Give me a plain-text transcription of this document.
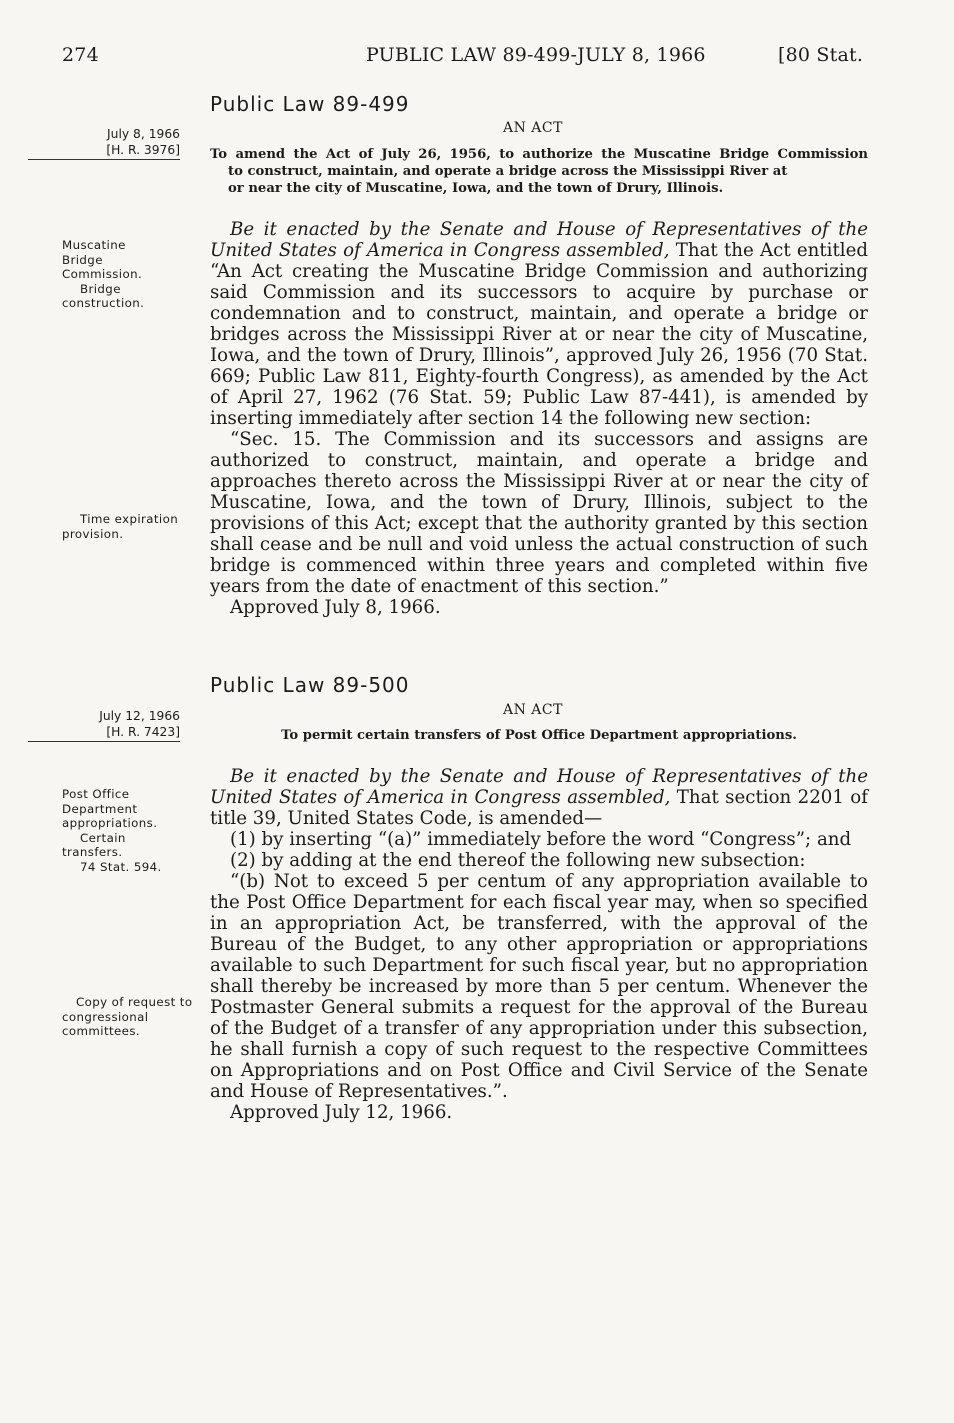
274	PUBLIC LAW 89-499-JULY 8, 1966	[80 Stat.
Public Law 89-499
July 8, 1966
[H. R. 3976]
AN ACT
To amend the Act of July 26, 1956, to authorize the Muscatine Bridge Commission
to construct, maintain, and operate a bridge across the Mississippi River at
or near the city of Muscatine, Iowa, and the town of Drury, Illinois.

Muscatine Bridge Commission.

Bridge construction.

Be it enacted by the Senate and House of Representatives of the United States of America in Congress assembled, That the Act entitled “An Act creating the Muscatine Bridge Commission and authorizing said Commission and its successors to acquire by purchase or condemnation and to construct, maintain, and operate a bridge or bridges across the Mississippi River at or near the city of Muscatine, Iowa, and the town of Drury, Illinois”, approved July 26, 1956 (70 Stat. 669; Public Law 811, Eighty-fourth Congress), as amended by the Act of April 27, 1962 (76 Stat. 59; Public Law 87-441), is amended by inserting immediately after section 14 the following new section:

“Sec. 15. The Commission and its successors and assigns are authorized to construct, maintain, and operate a bridge and approaches thereto across the Mississippi River at or near the city of Muscatine, Iowa, and the town of Drury, Illinois, subject to the provisions of this Act; except that the authority granted by this section shall cease and be null and void unless the actual construction of such bridge is commenced within three years and completed within five years from the date of enactment of this section.”

Approved July 8, 1966.

Time expiration provision.

Public Law 89-500
July 12, 1966
[H. R. 7423]
AN ACT
To permit certain transfers of Post Office Department appropriations.

Post Office Department appropriations.

Certain transfers.

74 Stat. 594.

Be it enacted by the Senate and House of Representatives of the United States of America in Congress assembled, That section 2201 of title 39, United States Code, is amended—

(1) by inserting “(a)” immediately before the word “Congress”; and

(2) by adding at the end thereof the following new subsection:

“(b) Not to exceed 5 per centum of any appropriation available to the Post Office Department for each fiscal year may, when so specified in an appropriation Act, be transferred, with the approval of the Bureau of the Budget, to any other appropriation or appropriations available to such Department for such fiscal year, but no appropriation shall thereby be increased by more than 5 per centum. Whenever the Postmaster General submits a request for the approval of the Bureau of the Budget of a transfer of any appropriation under this subsection, he shall furnish a copy of such request to the respective Committees on Appropriations and on Post Office and Civil Service of the Senate and House of Representatives.”.

Approved July 12, 1966.

Copy of request to congressional committees.
